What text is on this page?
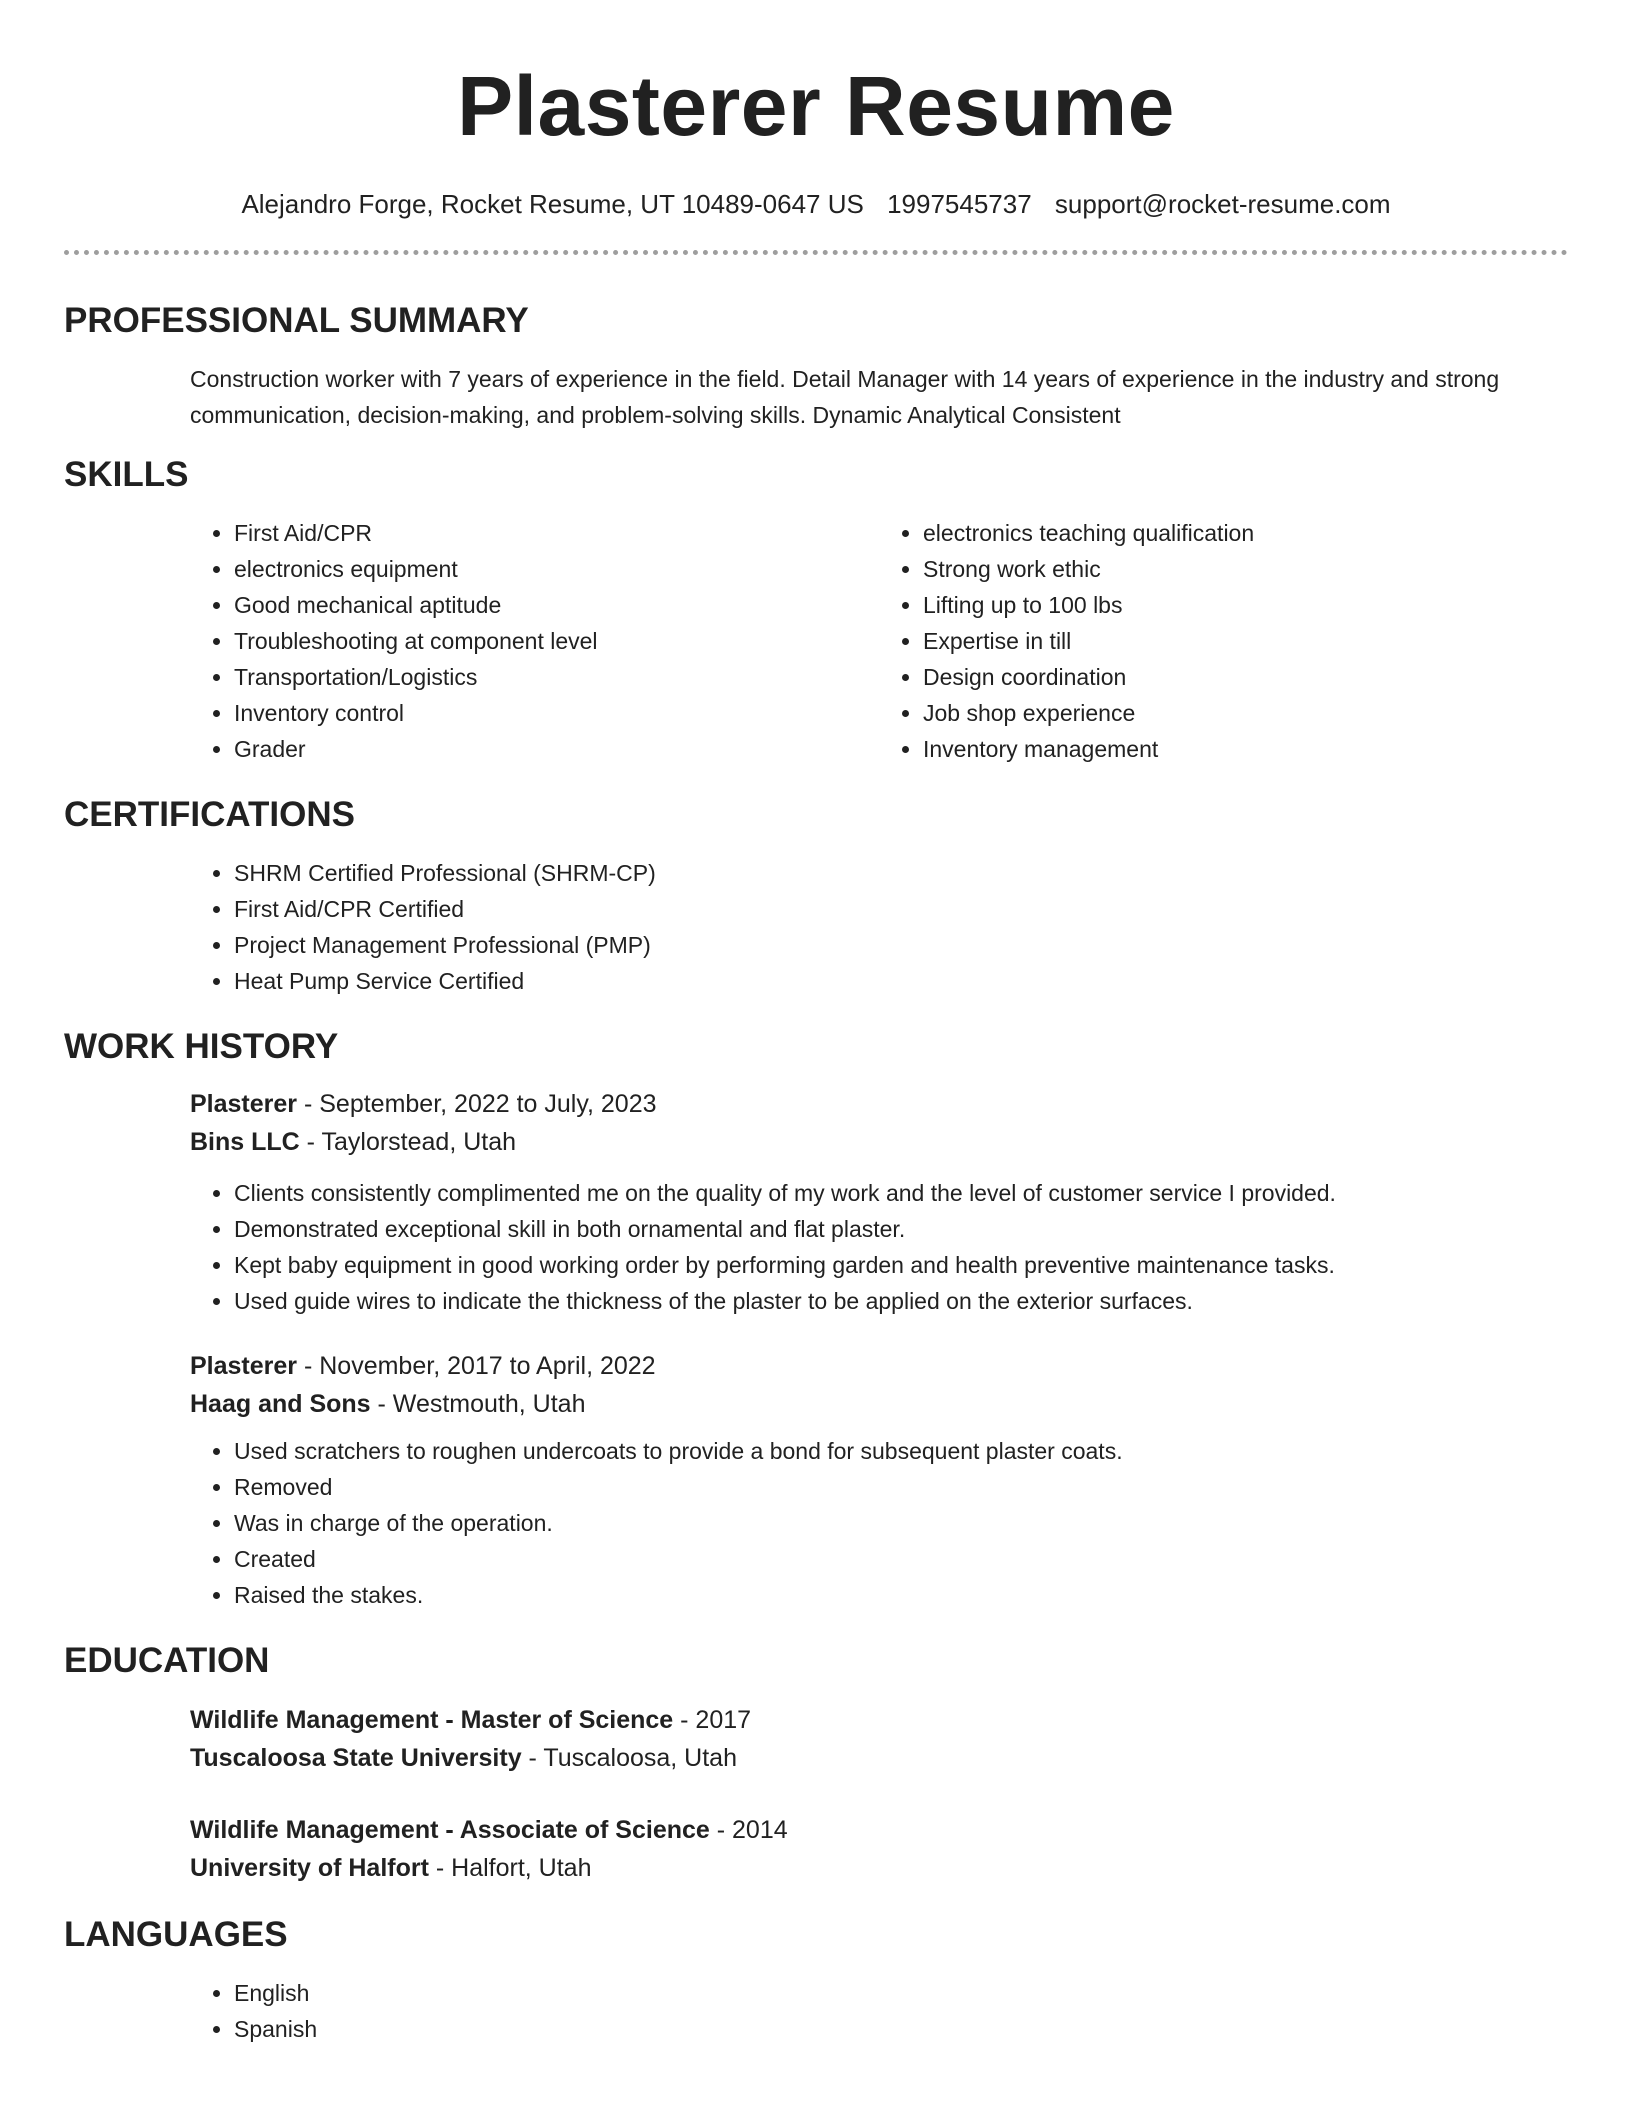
Plasterer Resume
Alejandro Forge, Rocket Resume, UT 10489-0647 US 1997545737 support@rocket-resume.com
PROFESSIONAL SUMMARY
Construction worker with 7 years of experience in the field. Detail Manager with 14 years of experience in the industry and strong communication, decision-making, and problem-solving skills. Dynamic Analytical Consistent
SKILLS
• First Aid/CPR
• electronics equipment
• Good mechanical aptitude
• Troubleshooting at component level
• Transportation/Logistics
• Inventory control
• Grader
• electronics teaching qualification
• Strong work ethic
• Lifting up to 100 lbs
• Expertise in till
• Design coordination
• Job shop experience
• Inventory management
CERTIFICATIONS
• SHRM Certified Professional (SHRM-CP)
• First Aid/CPR Certified
• Project Management Professional (PMP)
• Heat Pump Service Certified
WORK HISTORY
Plasterer - September, 2022 to July, 2023
Bins LLC - Taylorstead, Utah
• Clients consistently complimented me on the quality of my work and the level of customer service I provided.
• Demonstrated exceptional skill in both ornamental and flat plaster.
• Kept baby equipment in good working order by performing garden and health preventive maintenance tasks.
• Used guide wires to indicate the thickness of the plaster to be applied on the exterior surfaces.
Plasterer - November, 2017 to April, 2022
Haag and Sons - Westmouth, Utah
• Used scratchers to roughen undercoats to provide a bond for subsequent plaster coats.
• Removed
• Was in charge of the operation.
• Created
• Raised the stakes.
EDUCATION
Wildlife Management - Master of Science - 2017
Tuscaloosa State University - Tuscaloosa, Utah
Wildlife Management - Associate of Science - 2014
University of Halfort - Halfort, Utah
LANGUAGES
• English
• Spanish
